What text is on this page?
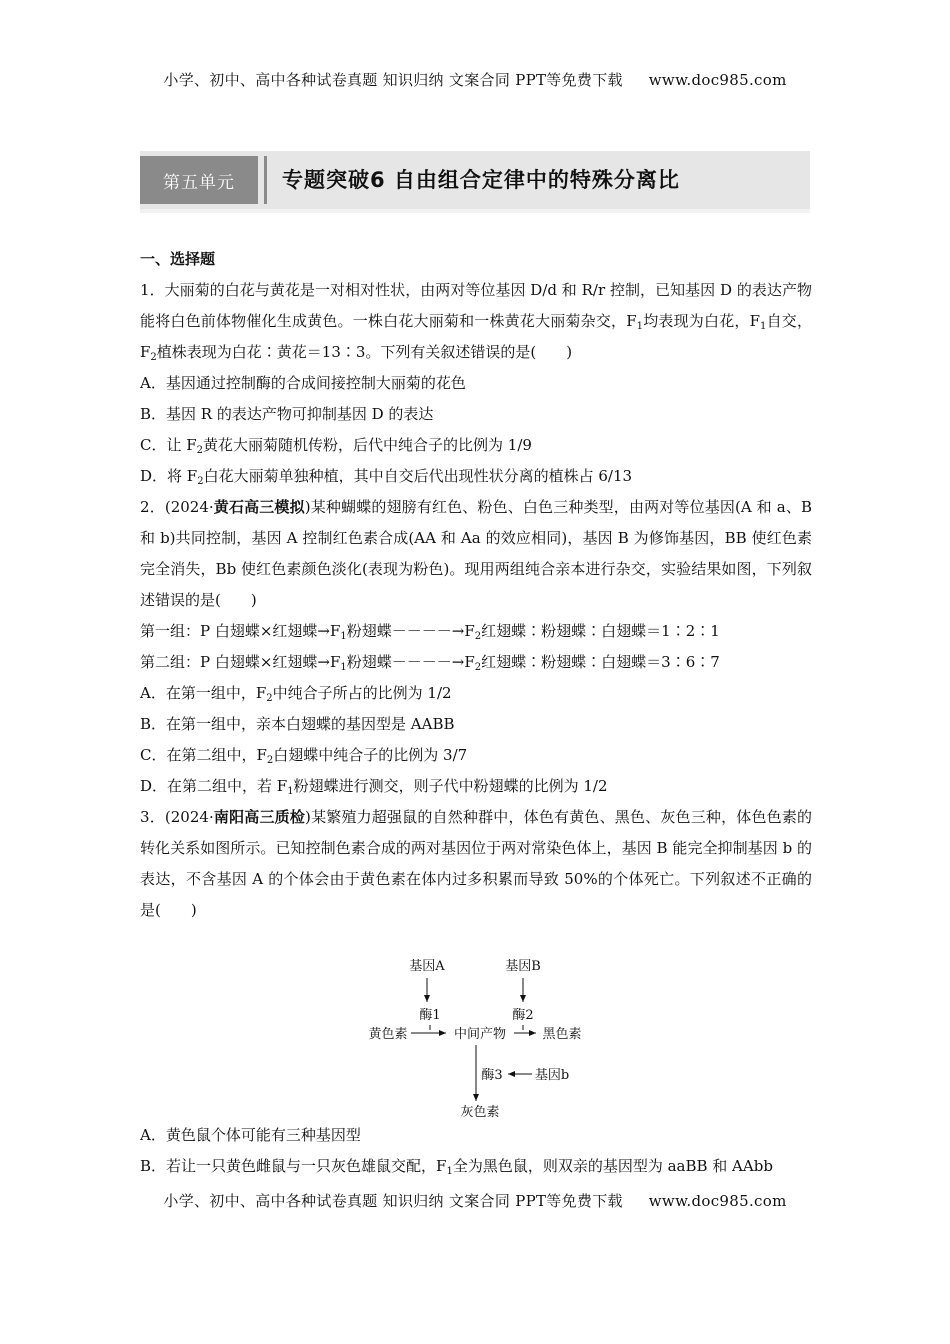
小学、初中、高中各种试卷真题 知识归纳 文案合同 PPT等免费下载 www.doc985.com
第五单元	专题突破6 自由组合定律中的特殊分离比

一、选择题

1．大丽菊的白花与黄花是一对相对性状，由两对等位基因 D/d 和 R/r 控制，已知基因 D 的表达产物能将白色前体物催化生成黄色。一株白花大丽菊和一株黄花大丽菊杂交，$F_1$均表现为白花，$F_1$自交，$F_2$植株表现为白花∶黄花＝13∶3。下列有关叙述错误的是(　　)

A．基因通过控制酶的合成间接控制大丽菊的花色

B．基因 R 的表达产物可抑制基因 D 的表达

C．让 $F_2$黄花大丽菊随机传粉，后代中纯合子的比例为 1/9

D．将 $F_2$白花大丽菊单独种植，其中自交后代出现性状分离的植株占 6/13

2．(2024·黄石高三模拟)某种蝴蝶的翅膀有红色、粉色、白色三种类型，由两对等位基因(A 和 a、B 和 b)共同控制，基因 A 控制红色素合成(AA 和 Aa 的效应相同)，基因 B 为修饰基因，BB 使红色素完全消失，Bb 使红色素颜色淡化(表现为粉色)。现用两组纯合亲本进行杂交，实验结果如图，下列叙述错误的是(　　)

第一组：P 白翅蝶×红翅蝶$\to F_1$粉翅蝶$----\to F_2$红翅蝶∶粉翅蝶∶白翅蝶＝1∶2∶1

第二组：P 白翅蝶×红翅蝶$\to F_1$粉翅蝶$----\to F_2$红翅蝶∶粉翅蝶∶白翅蝶＝3∶6∶7

A．在第一组中，$F_2$中纯合子所占的比例为 1/2

B．在第一组中，亲本白翅蝶的基因型是 AABB

C．在第二组中，$F_2$白翅蝶中纯合子的比例为 3/7

D．在第二组中，若 $F_1$粉翅蝶进行测交，则子代中粉翅蝶的比例为 1/2

3．(2024·南阳高三质检)某繁殖力超强鼠的自然种群中，体色有黄色、黑色、灰色三种，体色色素的转化关系如图所示。已知控制色素合成的两对基因位于两对常染色体上，基因 B 能完全抑制基因 b 的表达，不含基因 A 的个体会由于黄色素在体内过多积累而导致 50%的个体死亡。下列叙述不正确的是(　　)

基因A	基因B
酶1	酶2
黄色素	中间产物	黑色素
酶3 基因b
灰色素

A．黄色鼠个体可能有三种基因型

B．若让一只黄色雌鼠与一只灰色雄鼠交配，$F_1$全为黑色鼠，则双亲的基因型为 aaBB 和 AAbb

小学、初中、高中各种试卷真题 知识归纳 文案合同 PPT等免费下载 www.doc985.com
